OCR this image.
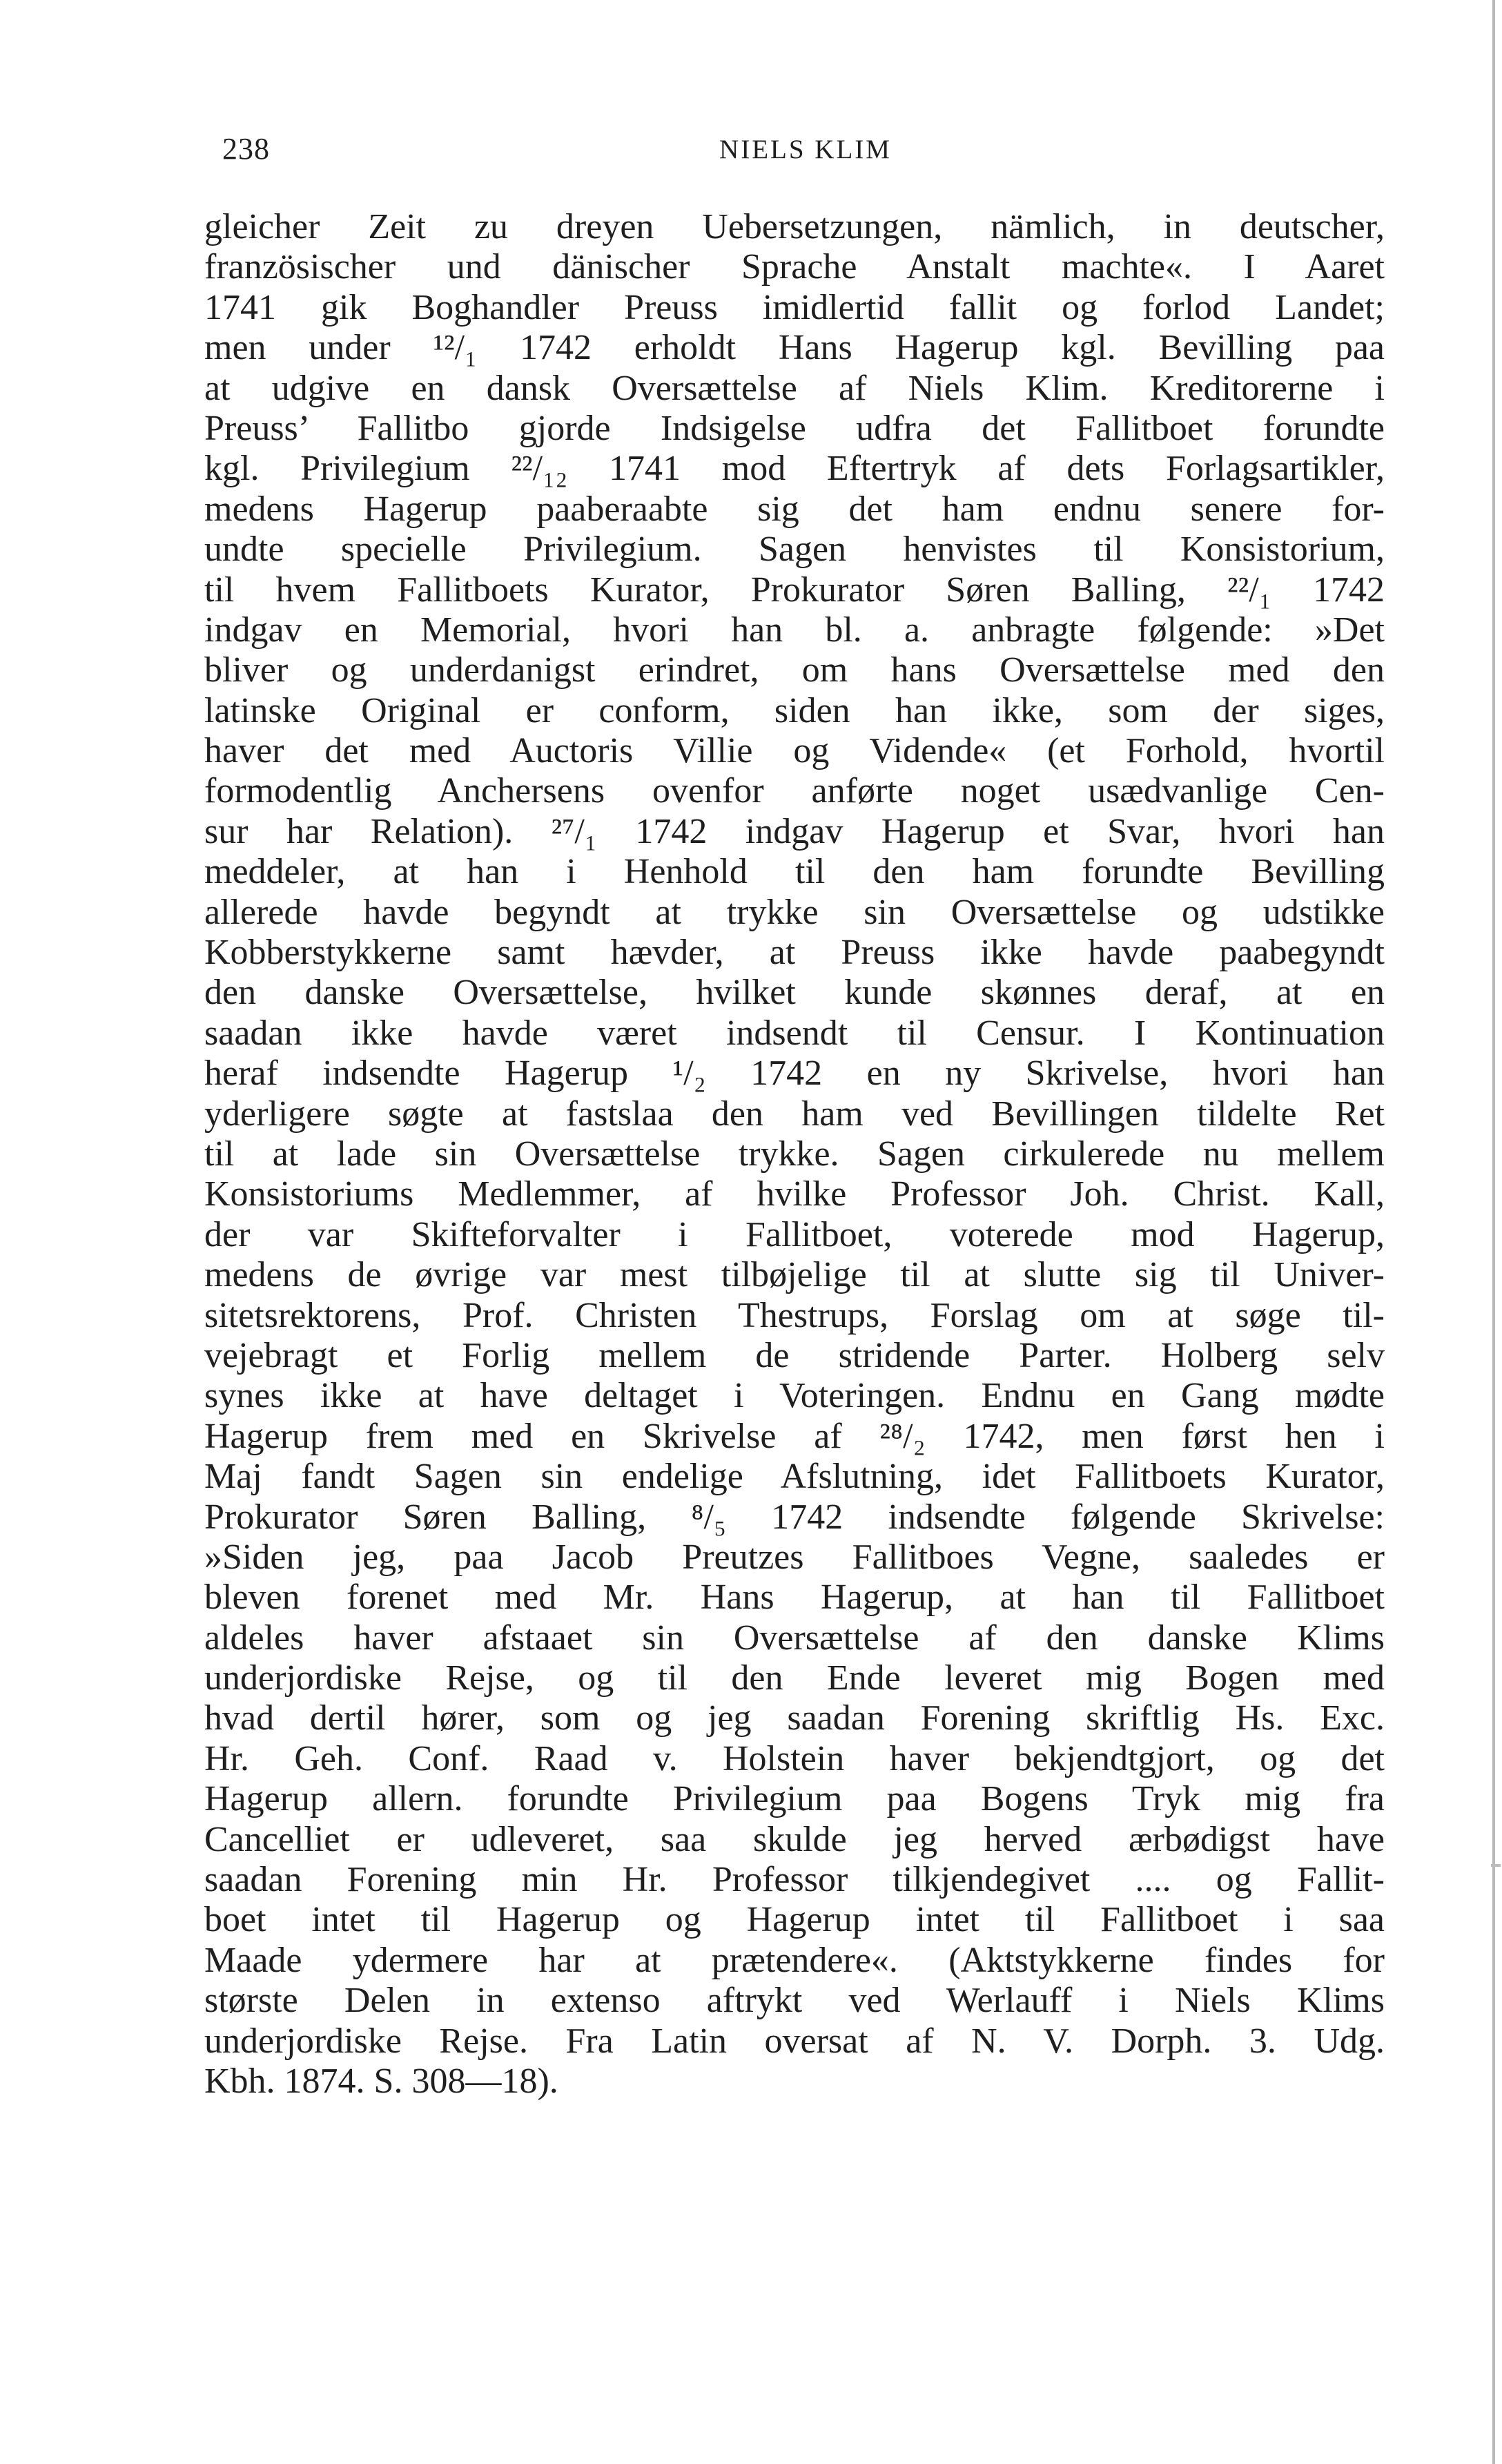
238	NIELS KLIM
gleicher Zeit zu dreyen Uebersetzungen, nämlich, in deutscher,
französischer und dänischer Sprache Anstalt machte«. I Aaret
1741 gik Boghandler Preuss imidlertid fallit og forlod Landet;
men under ¹²/₁ 1742 erholdt Hans Hagerup kgl. Bevilling paa
at udgive en dansk Oversættelse af Niels Klim. Kreditorerne i
Preuss’ Fallitbo gjorde Indsigelse udfra det Fallitboet forundte
kgl. Privilegium ²²/₁₂ 1741 mod Eftertryk af dets Forlagsartikler,
medens Hagerup paaberaabte sig det ham endnu senere for-
undte specielle Privilegium. Sagen henvistes til Konsistorium,
til hvem Fallitboets Kurator, Prokurator Søren Balling, ²²/₁ 1742
indgav en Memorial, hvori han bl. a. anbragte følgende: »Det
bliver og underdanigst erindret, om hans Oversættelse med den
latinske Original er conform, siden han ikke, som der siges,
haver det med Auctoris Villie og Vidende« (et Forhold, hvortil
formodentlig Anchersens ovenfor anførte noget usædvanlige Cen-
sur har Relation). ²⁷/₁ 1742 indgav Hagerup et Svar, hvori han
meddeler, at han i Henhold til den ham forundte Bevilling
allerede havde begyndt at trykke sin Oversættelse og udstikke
Kobberstykkerne samt hævder, at Preuss ikke havde paabegyndt
den danske Oversættelse, hvilket kunde skønnes deraf, at en
saadan ikke havde været indsendt til Censur. I Kontinuation
heraf indsendte Hagerup ¹/₂ 1742 en ny Skrivelse, hvori han
yderligere søgte at fastslaa den ham ved Bevillingen tildelte Ret
til at lade sin Oversættelse trykke. Sagen cirkulerede nu mellem
Konsistoriums Medlemmer, af hvilke Professor Joh. Christ. Kall,
der var Skifteforvalter i Fallitboet, voterede mod Hagerup,
medens de øvrige var mest tilbøjelige til at slutte sig til Univer-
sitetsrektorens, Prof. Christen Thestrups, Forslag om at søge til-
vejebragt et Forlig mellem de stridende Parter. Holberg selv
synes ikke at have deltaget i Voteringen. Endnu en Gang mødte
Hagerup frem med en Skrivelse af ²⁸/₂ 1742, men først hen i
Maj fandt Sagen sin endelige Afslutning, idet Fallitboets Kurator,
Prokurator Søren Balling, ⁸/₅ 1742 indsendte følgende Skrivelse:
»Siden jeg, paa Jacob Preutzes Fallitboes Vegne, saaledes er
bleven forenet med Mr. Hans Hagerup, at han til Fallitboet
aldeles haver afstaaet sin Oversættelse af den danske Klims
underjordiske Rejse, og til den Ende leveret mig Bogen med
hvad dertil hører, som og jeg saadan Forening skriftlig Hs. Exc.
Hr. Geh. Conf. Raad v. Holstein haver bekjendtgjort, og det
Hagerup allern. forundte Privilegium paa Bogens Tryk mig fra
Cancelliet er udleveret, saa skulde jeg herved ærbødigst have
saadan Forening min Hr. Professor tilkjendegivet .... og Fallit-
boet intet til Hagerup og Hagerup intet til Fallitboet i saa
Maade ydermere har at prætendere«. (Aktstykkerne findes for
største Delen in extenso aftrykt ved Werlauff i Niels Klims
underjordiske Rejse. Fra Latin oversat af N. V. Dorph. 3. Udg.
Kbh. 1874. S. 308—18).
